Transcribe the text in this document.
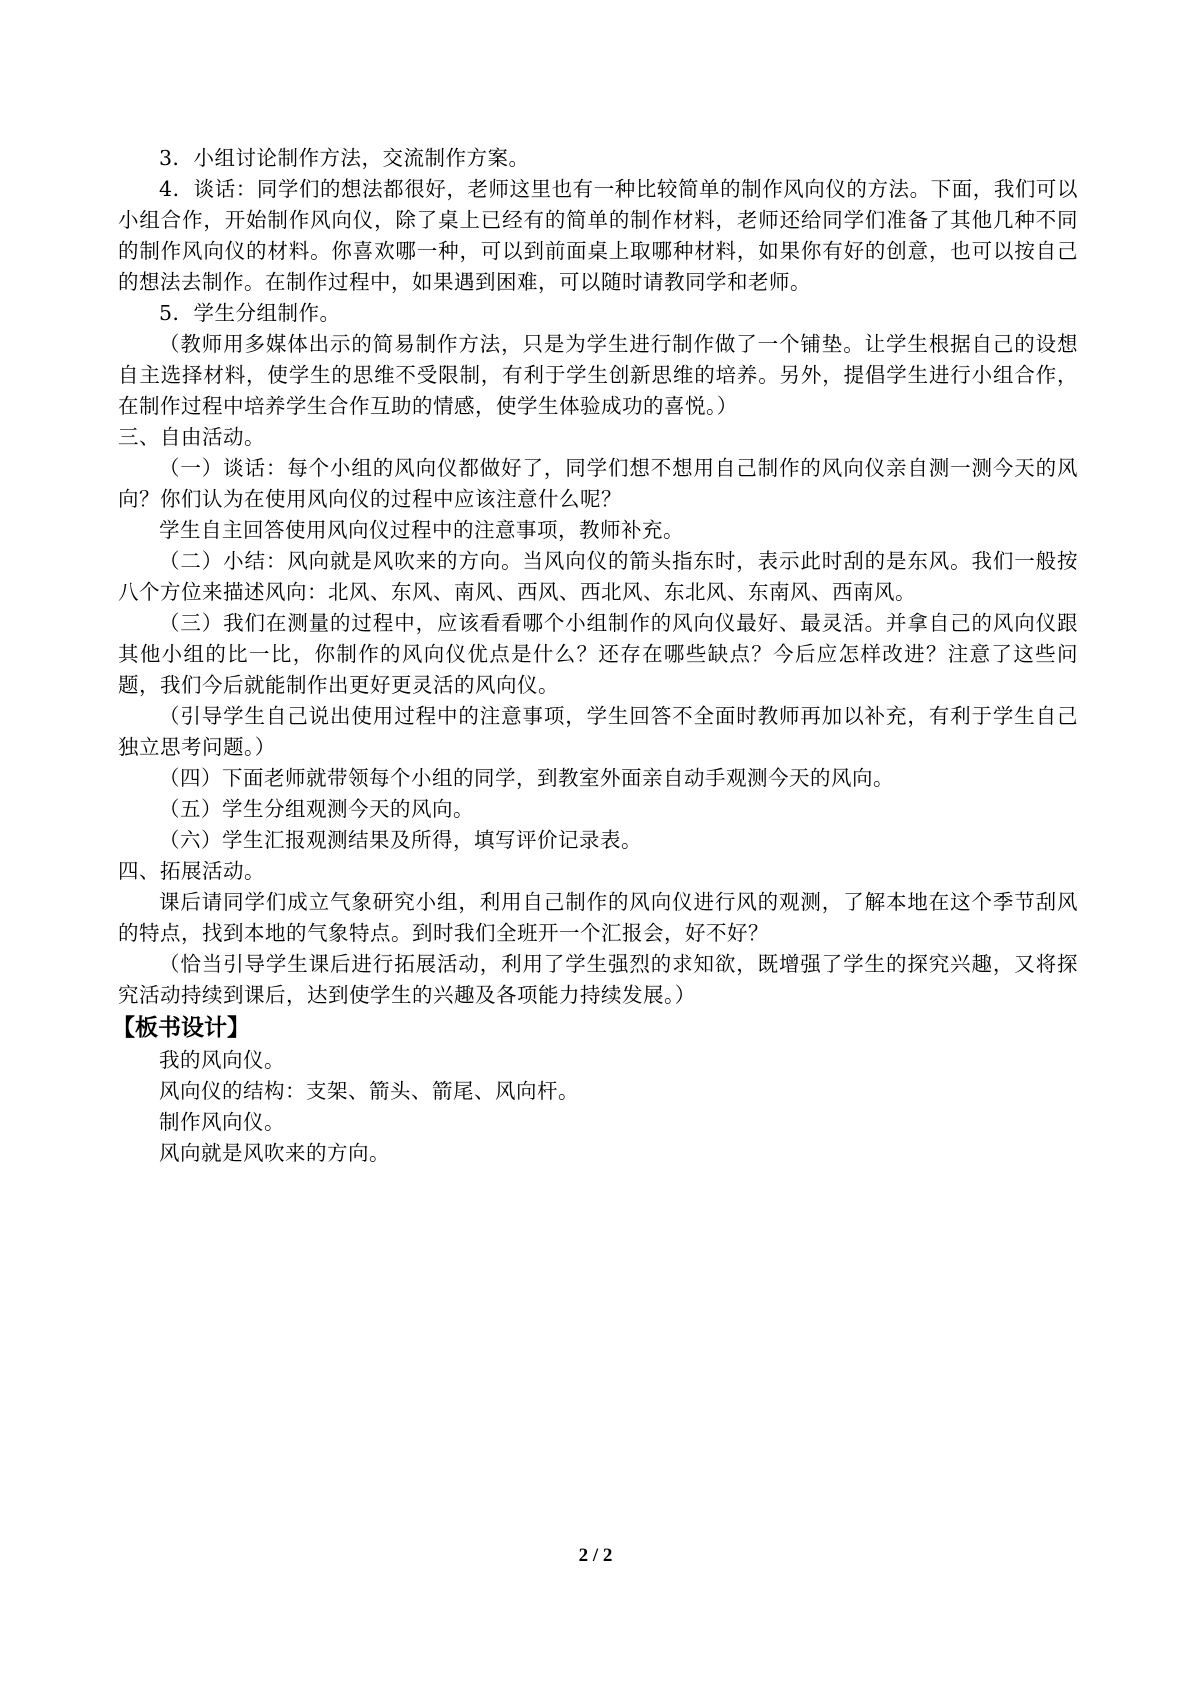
3．小组讨论制作方法，交流制作方案。

4．谈话：同学们的想法都很好，老师这里也有一种比较简单的制作风向仪的方法。下面，我们可以小组合作，开始制作风向仪，除了桌上已经有的简单的制作材料，老师还给同学们准备了其他几种不同的制作风向仪的材料。你喜欢哪一种，可以到前面桌上取哪种材料，如果你有好的创意，也可以按自己的想法去制作。在制作过程中，如果遇到困难，可以随时请教同学和老师。

5．学生分组制作。

（教师用多媒体出示的简易制作方法，只是为学生进行制作做了一个铺垫。让学生根据自己的设想自主选择材料，使学生的思维不受限制，有利于学生创新思维的培养。另外，提倡学生进行小组合作，在制作过程中培养学生合作互助的情感，使学生体验成功的喜悦。）

三、自由活动。

（一）谈话：每个小组的风向仪都做好了，同学们想不想用自己制作的风向仪亲自测一测今天的风向？你们认为在使用风向仪的过程中应该注意什么呢？

学生自主回答使用风向仪过程中的注意事项，教师补充。

（二）小结：风向就是风吹来的方向。当风向仪的箭头指东时，表示此时刮的是东风。我们一般按八个方位来描述风向：北风、东风、南风、西风、西北风、东北风、东南风、西南风。

（三）我们在测量的过程中，应该看看哪个小组制作的风向仪最好、最灵活。并拿自己的风向仪跟其他小组的比一比，你制作的风向仪优点是什么？还存在哪些缺点？今后应怎样改进？注意了这些问题，我们今后就能制作出更好更灵活的风向仪。

（引导学生自己说出使用过程中的注意事项，学生回答不全面时教师再加以补充，有利于学生自己独立思考问题。）

（四）下面老师就带领每个小组的同学，到教室外面亲自动手观测今天的风向。

（五）学生分组观测今天的风向。

（六）学生汇报观测结果及所得，填写评价记录表。

四、拓展活动。

课后请同学们成立气象研究小组，利用自己制作的风向仪进行风的观测，了解本地在这个季节刮风的特点，找到本地的气象特点。到时我们全班开一个汇报会，好不好？

（恰当引导学生课后进行拓展活动，利用了学生强烈的求知欲，既增强了学生的探究兴趣，又将探究活动持续到课后，达到使学生的兴趣及各项能力持续发展。）

【板书设计】

我的风向仪。

风向仪的结构：支架、箭头、箭尾、风向杆。

制作风向仪。

风向就是风吹来的方向。

2 / 2
